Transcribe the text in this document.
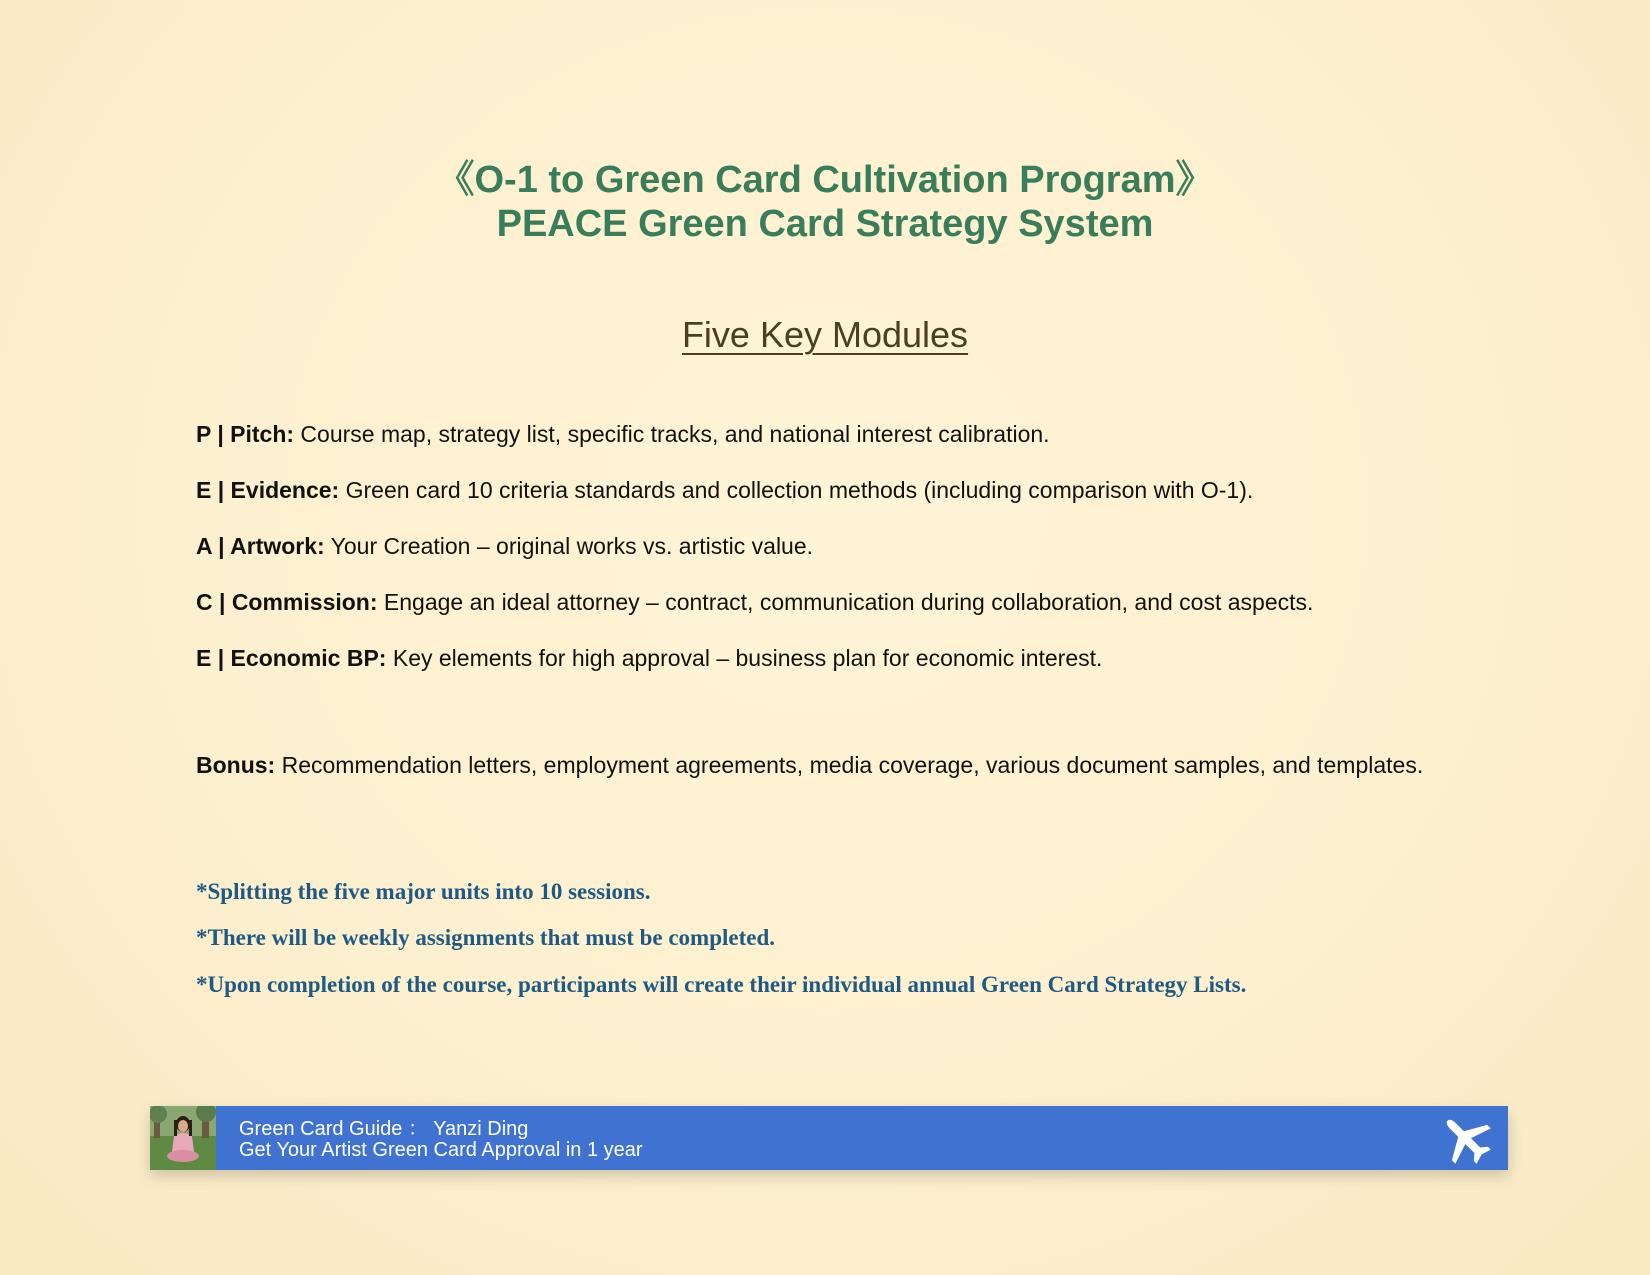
《O-1 to Green Card Cultivation Program》
PEACE Green Card Strategy System
Five Key Modules
P | Pitch: Course map, strategy list, specific tracks, and national interest calibration.
E | Evidence: Green card 10 criteria standards and collection methods (including comparison with O-1).
A | Artwork: Your Creation – original works vs. artistic value.
C | Commission: Engage an ideal attorney – contract, communication during collaboration, and cost aspects.
E | Economic BP: Key elements for high approval – business plan for economic interest.
Bonus: Recommendation letters, employment agreements, media coverage, various document samples, and templates.
*Splitting the five major units into 10 sessions.
*There will be weekly assignments that must be completed.
*Upon completion of the course, participants will create their individual annual Green Card Strategy Lists.
Green Card Guide ： Yanzi Ding
Get Your Artist Green Card Approval in 1 year
